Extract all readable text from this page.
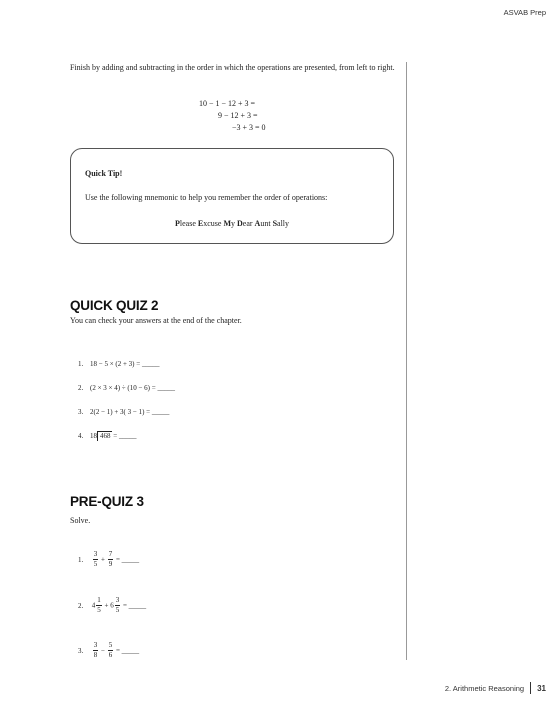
ASVAB Prep
Finish by adding and subtracting in the order in which the operations are presented, from left to right.
10 − 1 − 12 + 3 =
9 − 12 + 3 =
−3 + 3 = 0
Quick Tip!
Use the following mnemonic to help you remember the order of operations:
Please Excuse My Dear Aunt Sally
QUICK QUIZ 2
You can check your answers at the end of the chapter.
1. 18 − 5 × (2 + 3) = _____
2. (2 × 3 × 4) ÷ (10 − 6) = _____
3. 2(2 − 1) + 3( 3 − 1) = _____
4. 18 468 = _____
PRE-QUIZ 3
Solve.
1. $\frac{3}{5} + \frac{7}{9}$ = _____
2. $4 \frac{1}{5} + 6 \frac{3}{5}$ = _____
3. $\frac{3}{8} - \frac{5}{6}$ = _____
2. Arithmetic Reasoning 31
